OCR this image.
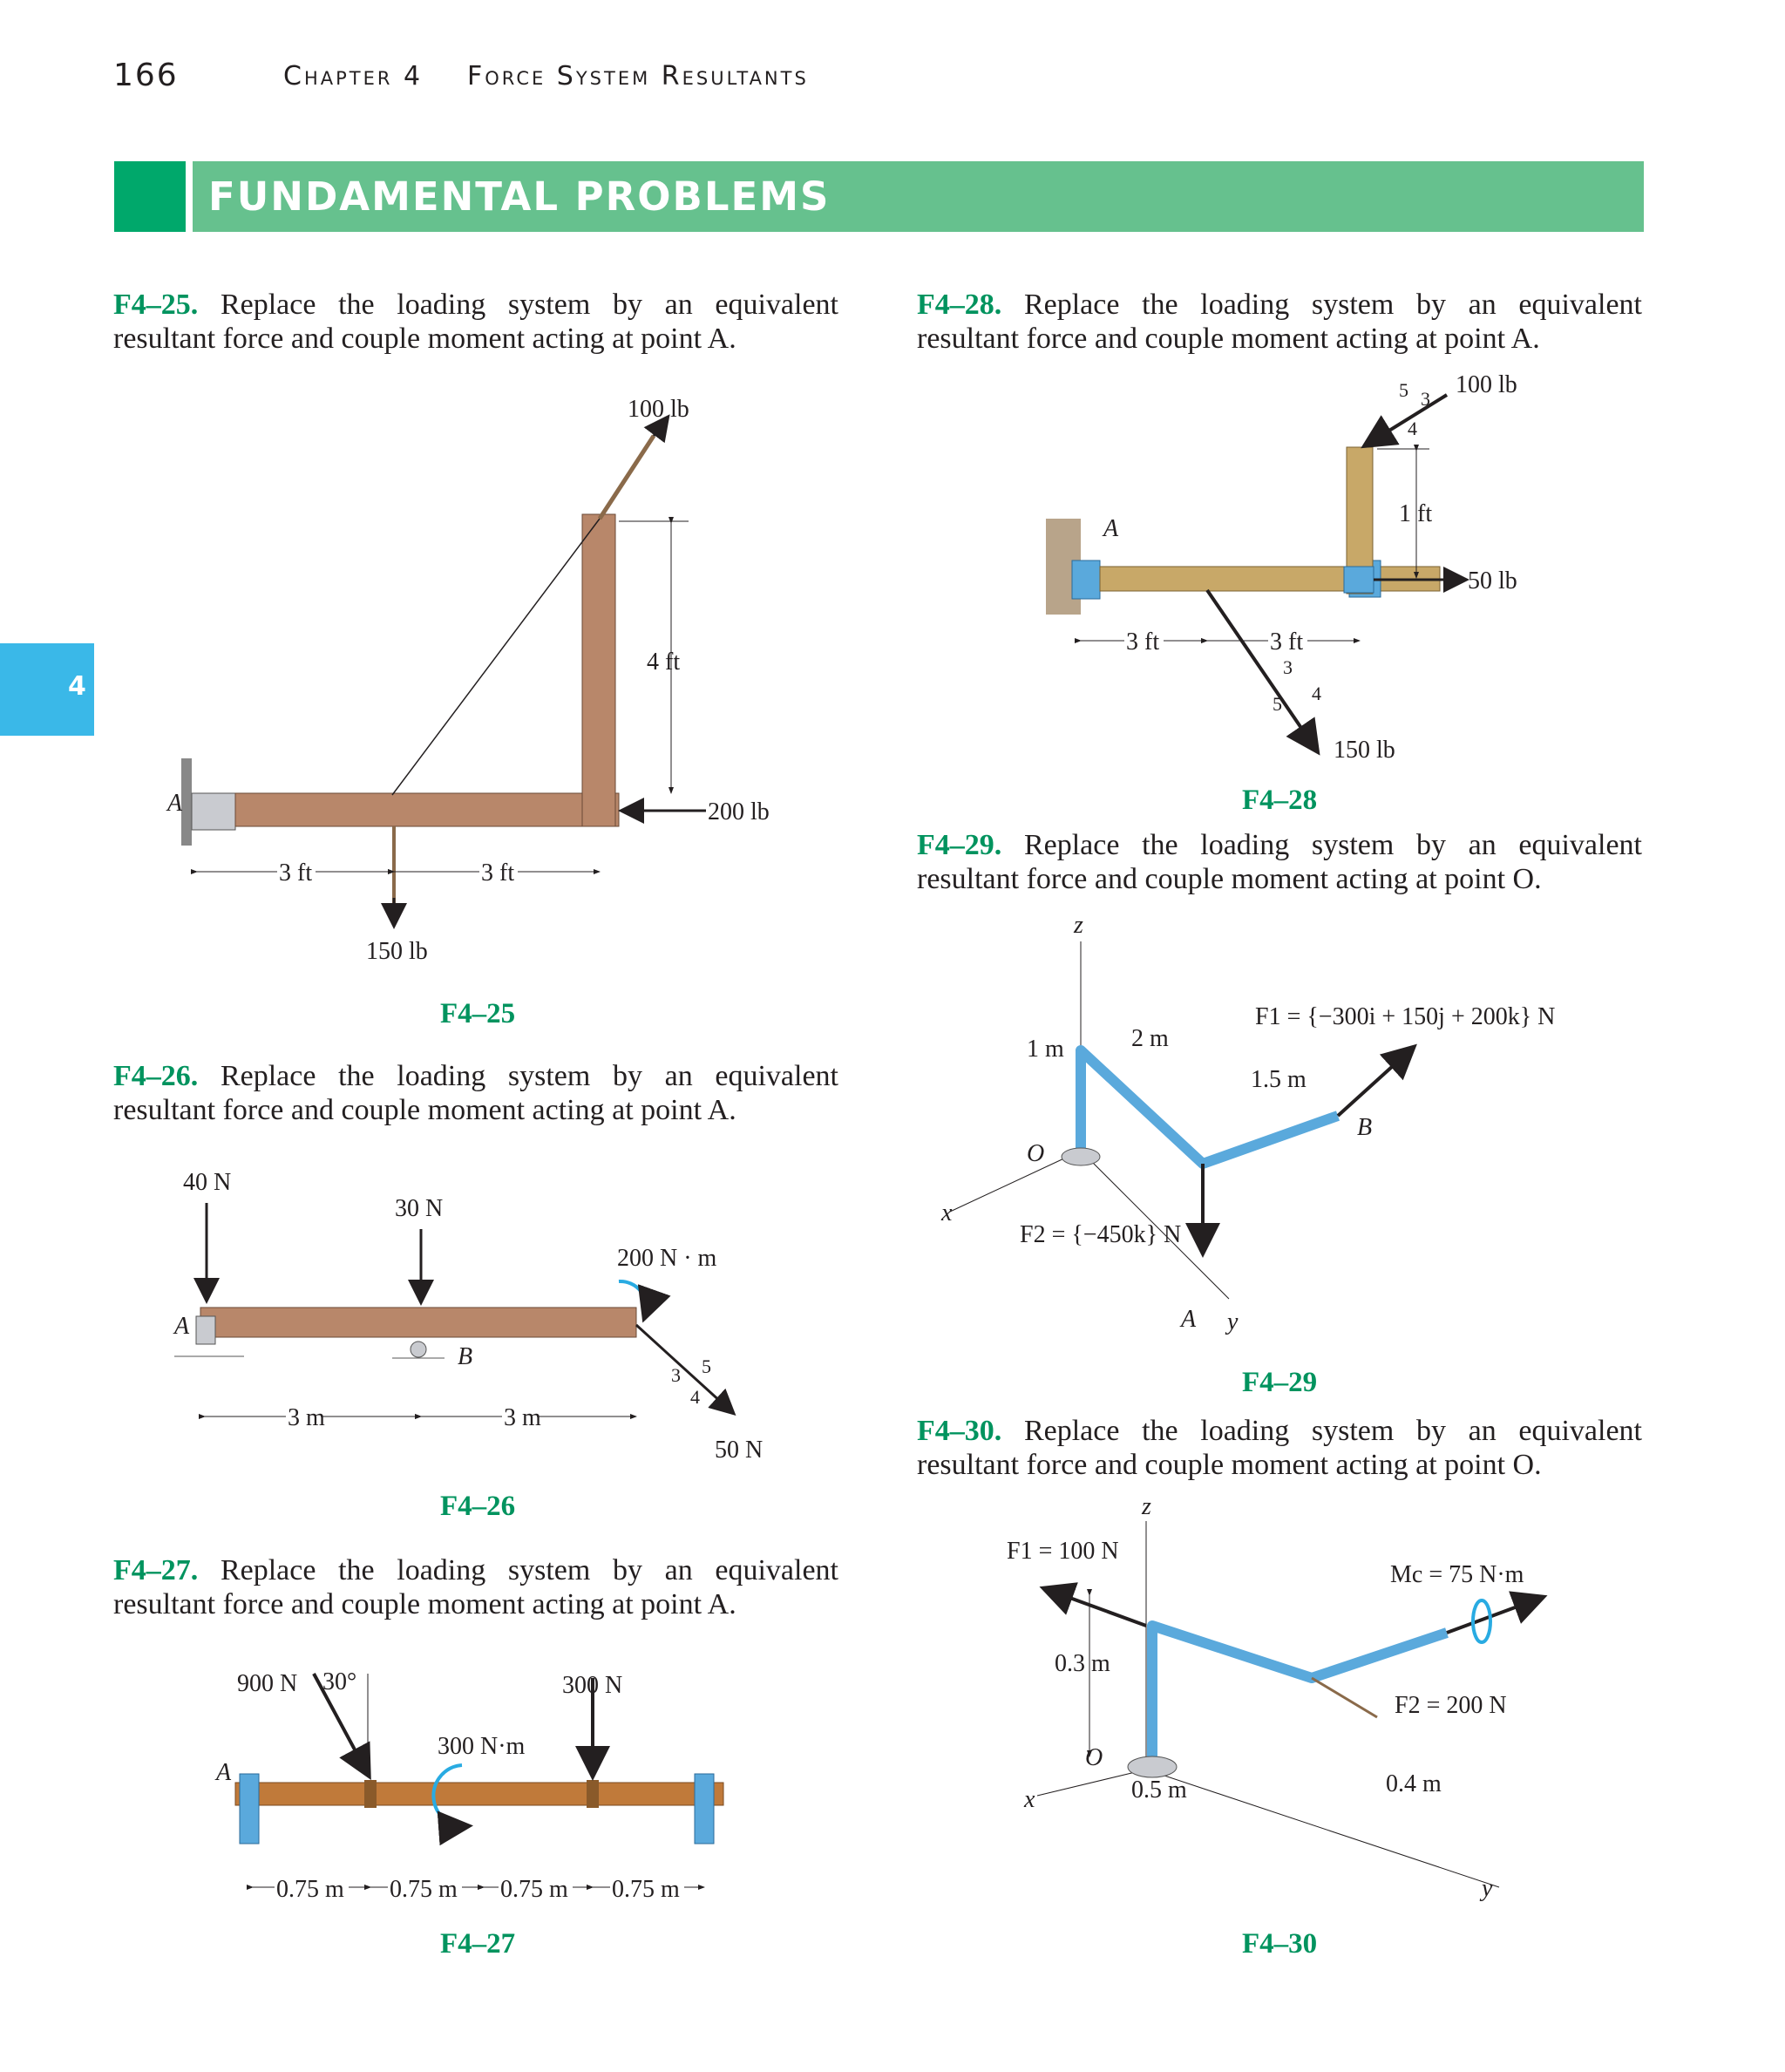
166	Chapter 4 Force System Resultants
FUNDAMENTAL PROBLEMS
4
F4–25. Replace the loading system by an equivalent resultant force and couple moment acting at point A.
100 lb
4 ft
200 lb
150 lb
A
3 ft	3 ft
F4–25
F4–26. Replace the loading system by an equivalent resultant force and couple moment acting at point A.
40 N
30 N
200 N · m
3
4
5
50 N
A
B
3 m	3 m
F4–26
F4–27. Replace the loading system by an equivalent resultant force and couple moment acting at point A.
900 N 30°	300 N
300 N·m
A
0.75 m 0.75 m 0.75 m 0.75 m
F4–27
F4–28. Replace the loading system by an equivalent resultant force and couple moment acting at point A.
5 3
4
100 lb
1 ft
50 lb
A
3 ft	3 ft
3
4
5
150 lb
F4–28
F4–29. Replace the loading system by an equivalent resultant force and couple moment acting at point O.
z
x
y
F1 = {−300i + 150j + 200k} N
F2 = {−450k} N
1 m	2 m
1.5 m
O
A
B
F4–29
F4–30. Replace the loading system by an equivalent resultant force and couple moment acting at point O.
z
x
y
F1 = 100 N
Mc = 75 N·m
F2 = 200 N
0.3 m
0.5 m	0.4 m
O
F4–30
